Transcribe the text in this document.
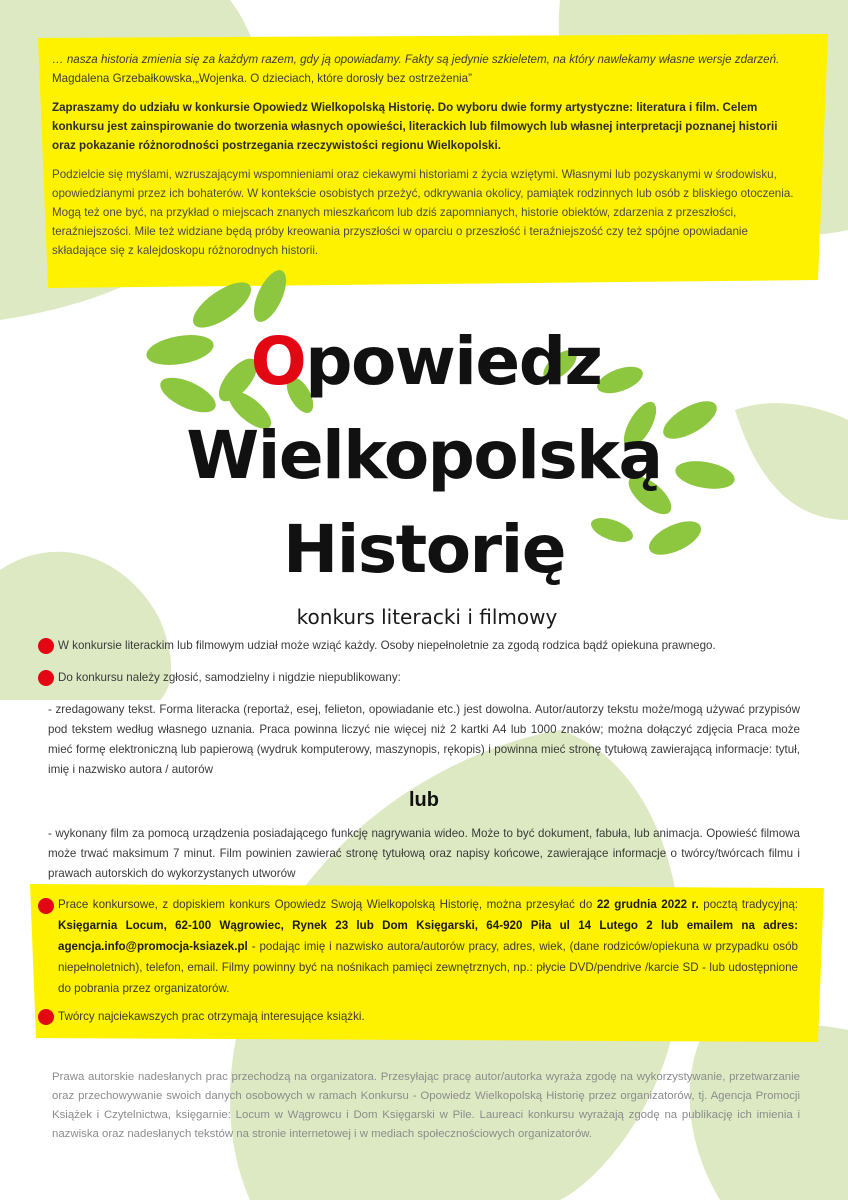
… nasza historia zmienia się za każdym razem, gdy ją opowiadamy. Fakty są jedynie szkieletem, na który nawlekamy własne wersje zdarzeń.

Magdalena Grzebałkowska,„Wojenka. O dzieciach, które dorosły bez ostrzeżenia”

Zapraszamy do udziału w konkursie Opowiedz Wielkopolską Historię. Do wyboru dwie formy artystyczne: literatura i film. Celem konkursu jest zainspirowanie do tworzenia własnych opowieści, literackich lub filmowych lub własnej interpretacji poznanej historii oraz pokazanie różnorodności postrzegania rzeczywistości regionu Wielkopolski.

Podzielcie się myślami, wzruszającymi wspomnieniami oraz ciekawymi historiami z życia wziętymi. Własnymi lub pozyskanymi w środowisku, opowiedzianymi przez ich bohaterów. W kontekście osobistych przeżyć, odkrywania okolicy, pamiątek rodzinnych lub osób z bliskiego otoczenia. Mogą też one być, na przykład o miejscach znanych mieszkańcom lub dziś zapomnianych, historie obiektów, zdarzenia z przeszłości, teraźniejszości. Mile też widziane będą próby kreowania przyszłości w oparciu o przeszłość i teraźniejszość czy też spójne opowiadanie składające się z kalejdoskopu różnorodnych historii.

Opowiedz
Wielkopolską
Historię
konkurs literacki i filmowy
W konkursie literackim lub filmowym udział może wziąć każdy. Osoby niepełnoletnie za zgodą rodzica bądź opiekuna prawnego.
Do konkursu należy zgłosić, samodzielny i nigdzie niepublikowany:
- zredagowany tekst. Forma literacka (reportaż, esej, felieton, opowiadanie etc.) jest dowolna. Autor/autorzy tekstu może/mogą używać przypisów pod tekstem według własnego uznania. Praca powinna liczyć nie więcej niż 2 kartki A4 lub 1000 znaków; można dołączyć zdjęcia Praca może mieć formę elektroniczną lub papierową (wydruk komputerowy, maszynopis, rękopis) i powinna mieć stronę tytułową zawierającą informacje: tytuł, imię i nazwisko autora / autorów
lub
- wykonany film za pomocą urządzenia posiadającego funkcję nagrywania wideo. Może to być dokument, fabuła, lub animacja. Opowieść filmowa może trwać maksimum 7 minut. Film powinien zawierać stronę tytułową oraz napisy końcowe, zawierające informacje o twórcy/twórcach filmu i prawach autorskich do wykorzystanych utworów
Prace konkursowe, z dopiskiem konkurs Opowiedz Swoją Wielkopolską Historię, można przesyłać do 22 grudnia 2022 r. pocztą tradycyjną: Księgarnia Locum, 62-100 Wągrowiec, Rynek 23 lub Dom Księgarski, 64-920 Piła ul 14 Lutego 2 lub emailem na adres: agencja.info@promocja-ksiazek.pl - podając imię i nazwisko autora/autorów pracy, adres, wiek, (dane rodziców/opiekuna w przypadku osób niepełnoletnich), telefon, email. Filmy powinny być na nośnikach pamięci zewnętrznych, np.: płycie DVD/pendrive /karcie SD - lub udostępnione do pobrania przez organizatorów.
Twórcy najciekawszych prac otrzymają interesujące książki.
Prawa autorskie nadesłanych prac przechodzą na organizatora. Przesyłając pracę autor/autorka wyraża zgodę na wykorzystywanie, przetwarzanie oraz przechowywanie swoich danych osobowych w ramach Konkursu - Opowiedz Wielkopolską Historię przez organizatorów, tj. Agencja Promocji Książek i Czytelnictwa, księgarnie: Locum w Wągrowcu i Dom Księgarski w Pile. Laureaci konkursu wyrażają zgodę na publikację ich imienia i nazwiska oraz nadesłanych tekstów na stronie internetowej i w mediach społecznościowych organizatorów.
